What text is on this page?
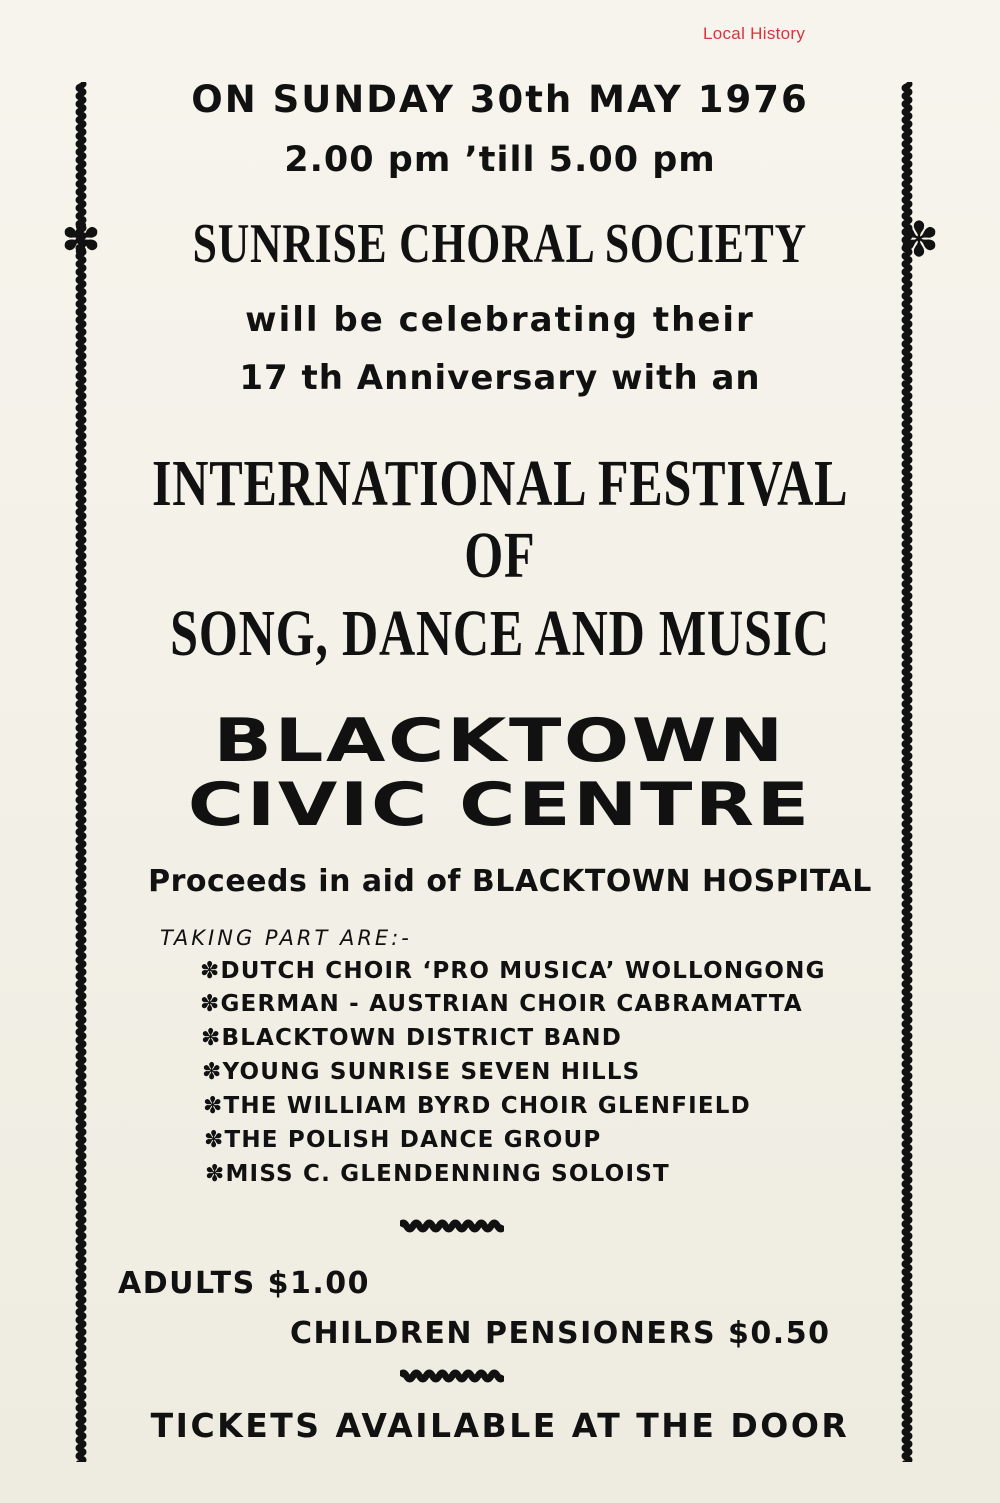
Local History
ON SUNDAY 30th MAY 1976
2.00 pm ’till 5.00 pm
✽ SUNRISE CHORAL SOCIETY ✽
will be celebrating their
17 th Anniversary with an
INTERNATIONAL FESTIVAL
OF
SONG, DANCE AND MUSIC
BLACKTOWN
CIVIC CENTRE
Proceeds in aid of BLACKTOWN HOSPITAL
TAKING PART ARE:-
✽DUTCH CHOIR ‘PRO MUSICA’ WOLLONGONG
✽GERMAN - AUSTRIAN CHOIR CABRAMATTA
✽BLACKTOWN DISTRICT BAND
✽YOUNG SUNRISE SEVEN HILLS
✽THE WILLIAM BYRD CHOIR GLENFIELD
✽THE POLISH DANCE GROUP
✽MISS C. GLENDENNING SOLOIST
ADULTS $1.00
CHILDREN PENSIONERS $0.50
TICKETS AVAILABLE AT THE DOOR
